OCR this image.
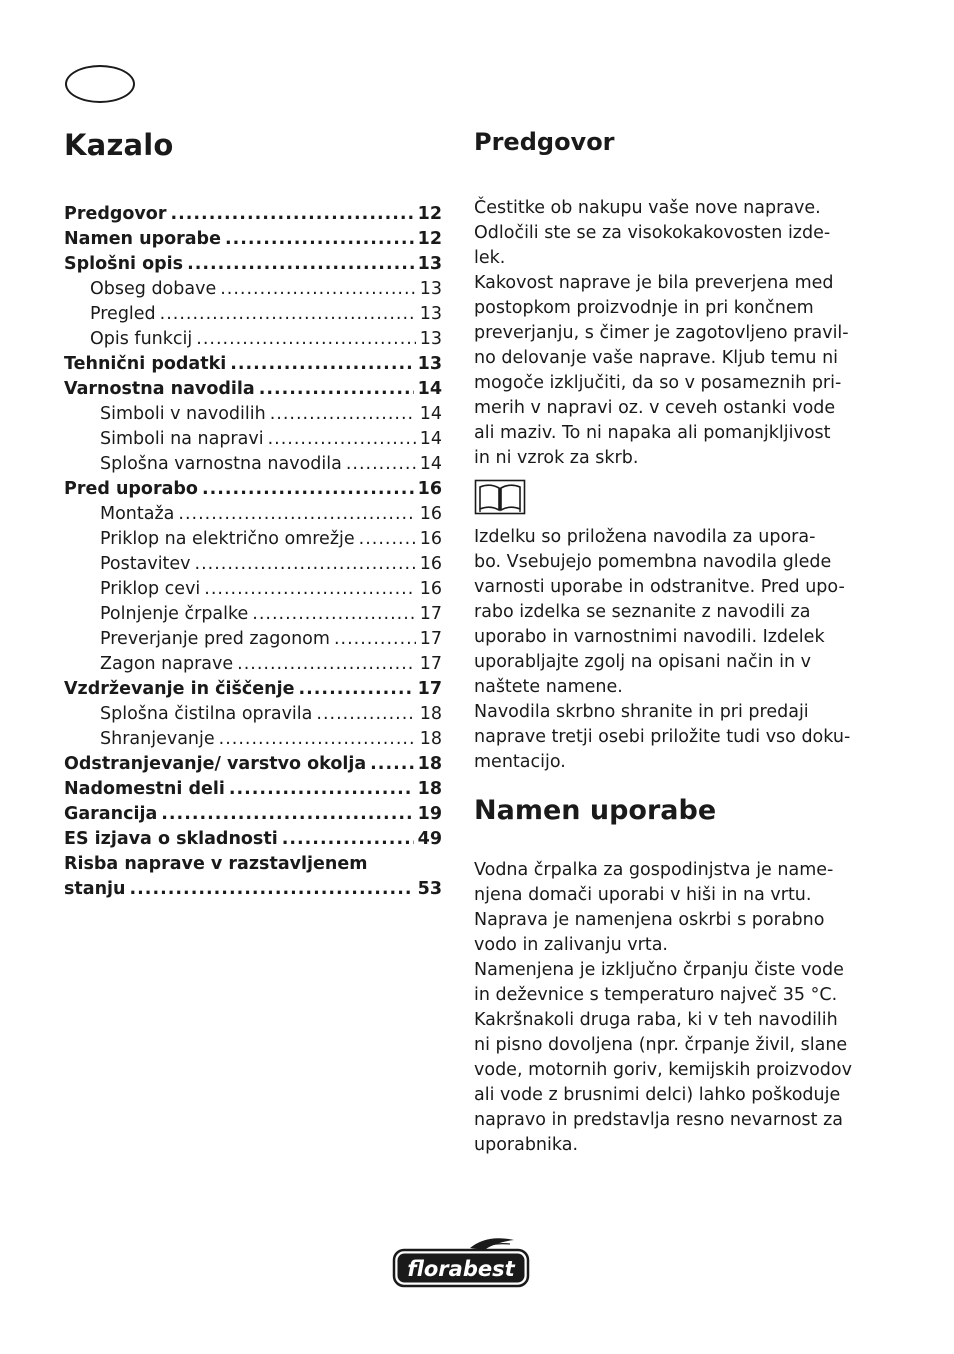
Kazalo
Predgovor .....	12
Namen uporabe .....	12
Splošni opis .....	13
Obseg dobave .....	13
Pregled .....	13
Opis funkcij .....	13
Tehnični podatki .....	13
Varnostna navodila .....	14
Simboli v navodilih .....	14
Simboli na napravi .....	14
Splošna varnostna navodila .....	14
Pred uporabo .....	16
Montaža .....	16
Priklop na električno omrežje .....	16
Postavitev .....	16
Priklop cevi .....	16
Polnjenje črpalke .....	17
Preverjanje pred zagonom .....	17
Zagon naprave .....	17
Vzdrževanje in čiščenje .....	17
Splošna čistilna opravila .....	18
Shranjevanje .....	18
Odstranjevanje/ varstvo okolja .....	18
Nadomestni deli .....	18
Garancija .....	19
ES izjava o skladnosti .....	49
Risba naprave v razstavljenem
stanju .....	53
Predgovor

Čestitke ob nakupu vaše nove naprave.

Odločili ste se za visokokakovosten izde-

lek.

Kakovost naprave je bila preverjena med

postopkom proizvodnje in pri končnem

preverjanju, s čimer je zagotovljeno pravil-

no delovanje vaše naprave. Kljub temu ni

mogoče izključiti, da so v posameznih pri-

merih v napravi oz. v ceveh ostanki vode

ali maziv. To ni napaka ali pomanjkljivost

in ni vzrok za skrb.

Izdelku so priložena navodila za upora-

bo. Vsebujejo pomembna navodila glede

varnosti uporabe in odstranitve. Pred upo-

rabo izdelka se seznanite z navodili za

uporabo in varnostnimi navodili. Izdelek

uporabljajte zgolj na opisani način in v

naštete namene.

Navodila skrbno shranite in pri predaji

naprave tretji osebi priložite tudi vso doku-

mentacijo.

Namen uporabe

Vodna črpalka za gospodinjstva je name-

njena domači uporabi v hiši in na vrtu.

Naprava je namenjena oskrbi s porabno

vodo in zalivanju vrta.

Namenjena je izključno črpanju čiste vode

in deževnice s temperaturo največ 35 °C.

Kakršnakoli druga raba, ki v teh navodilih

ni pisno dovoljena (npr. črpanje živil, slane

vode, motornih goriv, kemijskih proizvodov

ali vode z brusnimi delci) lahko poškoduje

napravo in predstavlja resno nevarnost za

uporabnika.

florabest
